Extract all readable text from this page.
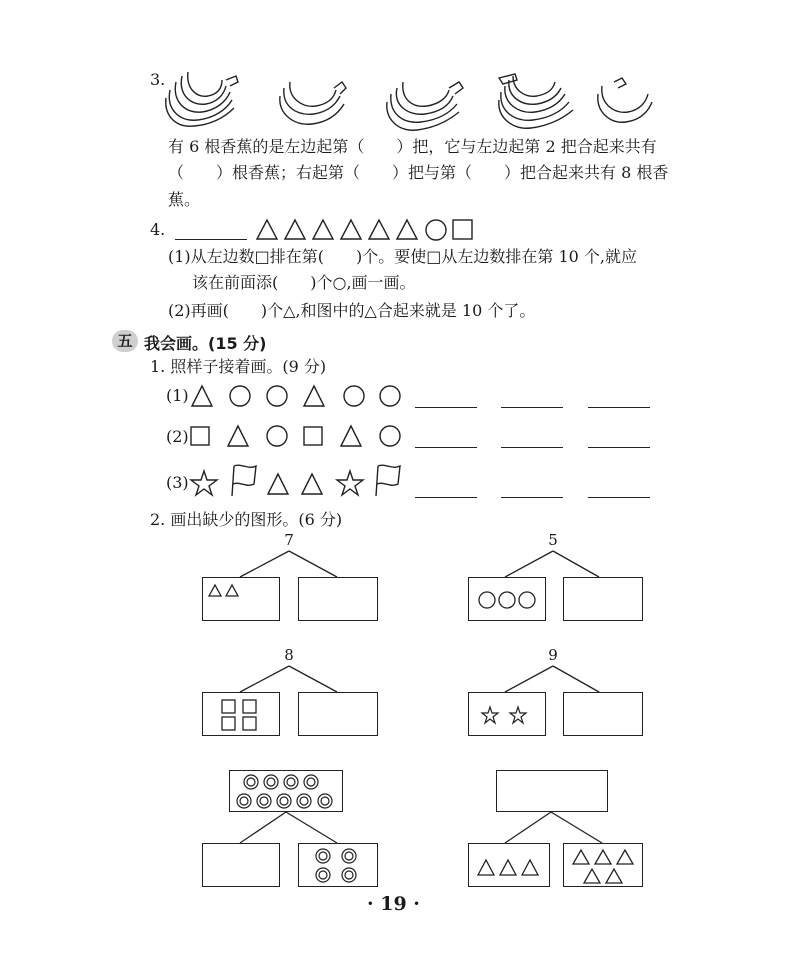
3.
有 6 根香蕉的是左边起第（　　）把，它与左边起第 2 把合起来共有
（　　）根香蕉；右起第（　　）把与第（　　）把合起来共有 8 根香
蕉。
4.
(1)从左边数□排在第(　　)个。要使□从左边数排在第 10 个,就应
该在前面添(　　)个○,画一画。
(2)再画(　　)个△,和图中的△合起来就是 10 个了。
五 我会画。(15 分)
1. 照样子接着画。(9 分)
(1)
(2)
(3)
2. 画出缺少的图形。(6 分)
7	5
8	9
· 19 ·
